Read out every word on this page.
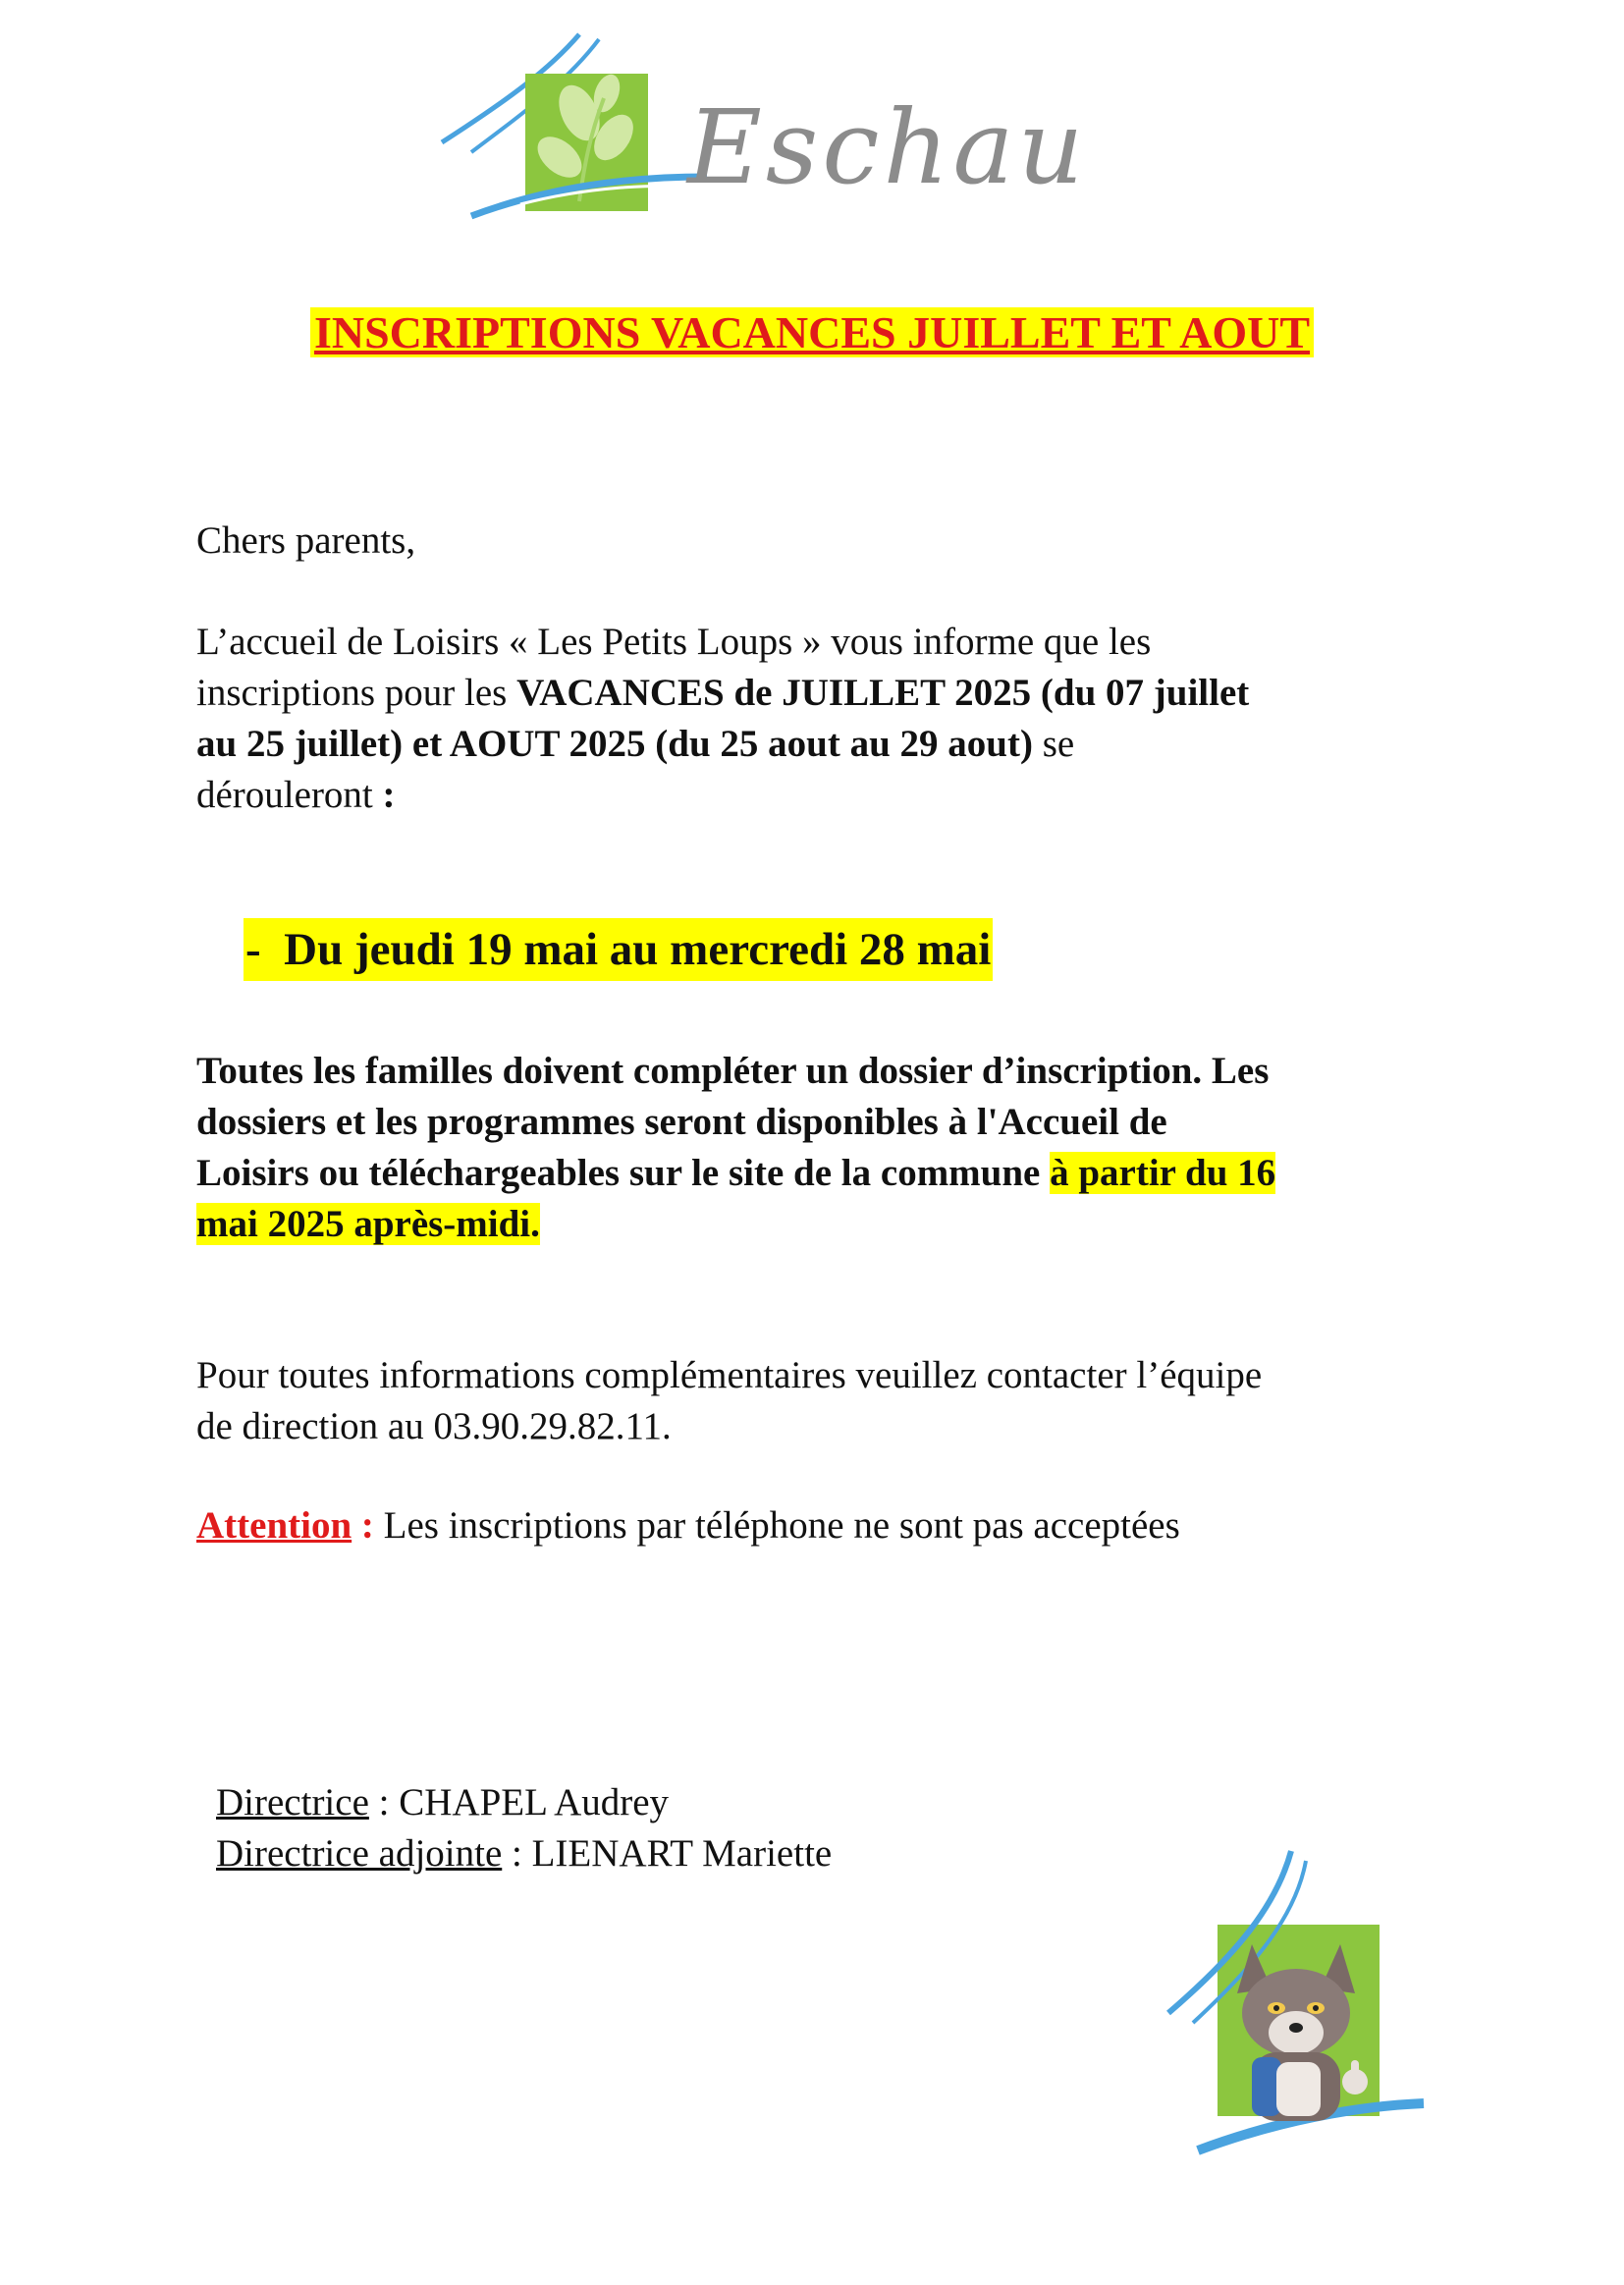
Eschau
INSCRIPTIONS VACANCES JUILLET ET AOUT
Chers parents,
L’accueil de Loisirs « Les Petits Loups » vous informe que les
inscriptions pour les VACANCES de JUILLET 2025 (du 07 juillet
au 25 juillet) et AOUT 2025 (du 25 aout au 29 aout) se
dérouleront :
- Du jeudi 19 mai au mercredi 28 mai
Toutes les familles doivent compléter un dossier d’inscription. Les
dossiers et les programmes seront disponibles à l'Accueil de
Loisirs ou téléchargeables sur le site de la commune à partir du 16
mai 2025 après-midi.
Pour toutes informations complémentaires veuillez contacter l’équipe
de direction au 03.90.29.82.11.
Attention : Les inscriptions par téléphone ne sont pas acceptées
Directrice : CHAPEL Audrey
Directrice adjointe : LIENART Mariette
